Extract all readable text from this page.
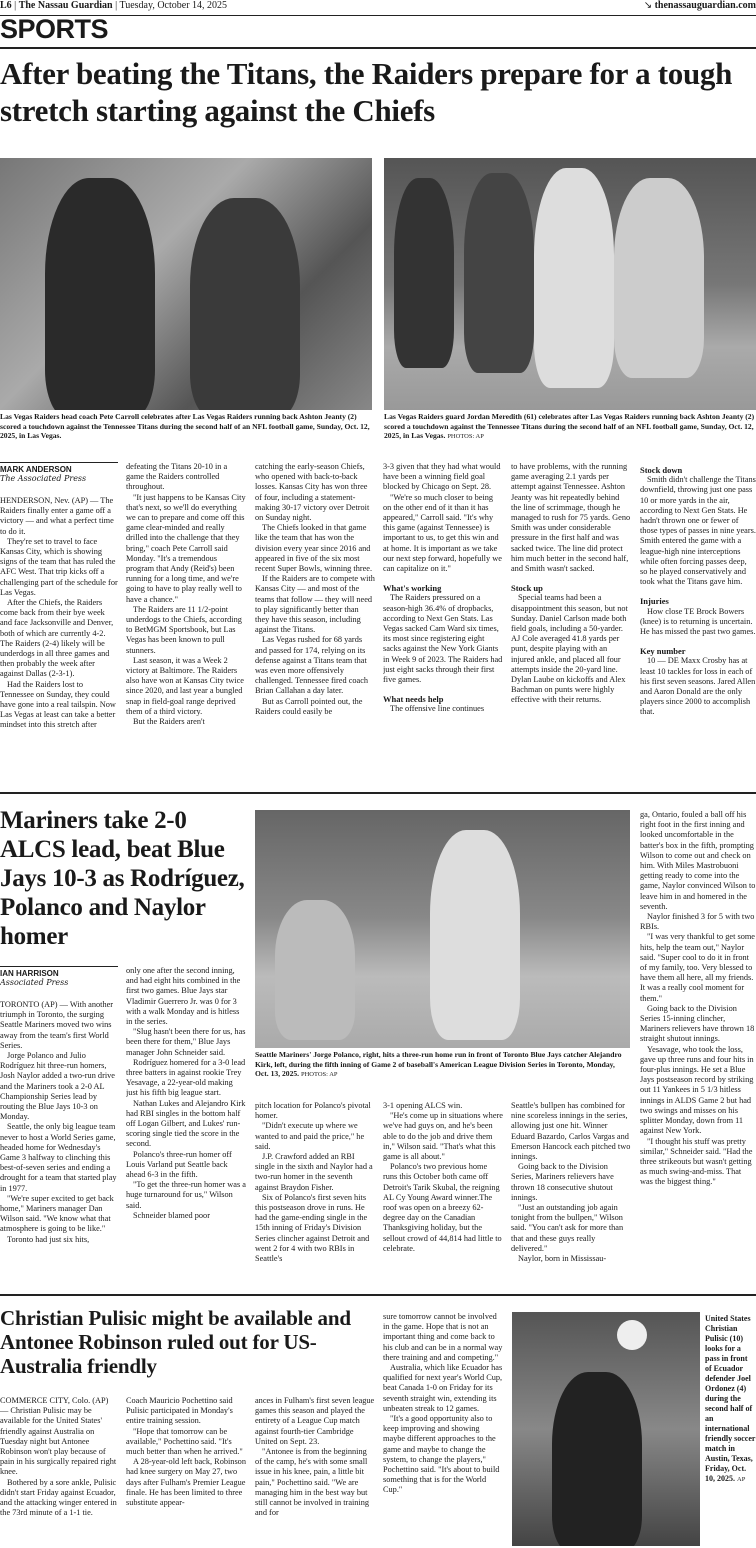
L6 | The Nassau Guardian | Tuesday, October 14, 2025	↘ thenassauguardian.com
SPORTS
After beating the Titans, the Raiders prepare for a tough stretch starting against the Chiefs
Las Vegas Raiders head coach Pete Carroll celebrates after Las Vegas Raiders running back Ashton Jeanty (2) scored a touchdown against the Tennessee Titans during the second half of an NFL football game, Sunday, Oct. 12, 2025, in Las Vegas.
Las Vegas Raiders guard Jordan Meredith (61) celebrates after Las Vegas Raiders running back Ashton Jeanty (2) scored a touchdown against the Tennessee Titans during the second half of an NFL football game, Sunday, Oct. 12, 2025, in Las Vegas. PHOTOS: AP
MARK ANDERSON
The Associated Press

HENDERSON, Nev. (AP) — The Raiders finally enter a game off a victory — and what a perfect time to do it.

They're set to travel to face Kansas City, which is showing signs of the team that has ruled the AFC West. That trip kicks off a challenging part of the schedule for Las Vegas.

After the Chiefs, the Raiders come back from their bye week and face Jacksonville and Denver, both of which are currently 4-2. The Raiders (2-4) likely will be underdogs in all three games and then probably the week after against Dallas (2-3-1).

Had the Raiders lost to Tennessee on Sunday, they could have gone into a real tailspin. Now Las Vegas at least can take a better mindset into this stretch after

defeating the Titans 20-10 in a game the Raiders controlled throughout.

"It just happens to be Kansas City that's next, so we'll do everything we can to prepare and come off this game clear-minded and really drilled into the challenge that they bring," coach Pete Carroll said Monday. "It's a tremendous program that Andy (Reid's) been running for a long time, and we're going to have to play really well to have a chance."

The Raiders are 11 1/2-point underdogs to the Chiefs, according to BetMGM Sportsbook, but Las Vegas has been known to pull stunners.

Last season, it was a Week 2 victory at Baltimore. The Raiders also have won at Kansas City twice since 2020, and last year a bungled snap in field-goal range deprived them of a third victory.

But the Raiders aren't

catching the early-season Chiefs, who opened with back-to-back losses. Kansas City has won three of four, including a statement-making 30-17 victory over Detroit on Sunday night.

The Chiefs looked in that game like the team that has won the division every year since 2016 and appeared in five of the six most recent Super Bowls, winning three.

If the Raiders are to compete with Kansas City — and most of the teams that follow — they will need to play significantly better than they have this season, including against the Titans.

Las Vegas rushed for 68 yards and passed for 174, relying on its defense against a Titans team that was even more offensively challenged. Tennessee fired coach Brian Callahan a day later.

But as Carroll pointed out, the Raiders could easily be

3-3 given that they had what would have been a winning field goal blocked by Chicago on Sept. 28.

"We're so much closer to being on the other end of it than it has appeared," Carroll said. "It's why this game (against Tennessee) is important to us, to get this win and at home. It is important as we take our next step forward, hopefully we can capitalize on it."

What's working

The Raiders pressured on a season-high 36.4% of dropbacks, according to Next Gen Stats. Las Vegas sacked Cam Ward six times, its most since registering eight sacks against the New York Giants in Week 9 of 2023. The Raiders had just eight sacks through their first five games.

What needs help

The offensive line continues

to have problems, with the running game averaging 2.1 yards per attempt against Tennessee. Ashton Jeanty was hit repeatedly behind the line of scrimmage, though he managed to rush for 75 yards. Geno Smith was under considerable pressure in the first half and was sacked twice. The line did protect him much better in the second half, and Smith wasn't sacked.

Stock up

Special teams had been a disappointment this season, but not Sunday. Daniel Carlson made both field goals, including a 50-yarder. AJ Cole averaged 41.8 yards per punt, despite playing with an injured ankle, and placed all four attempts inside the 20-yard line. Dylan Laube on kickoffs and Alex Bachman on punts were highly effective with their returns.

Stock down

Smith didn't challenge the Titans downfield, throwing just one pass 10 or more yards in the air, according to Next Gen Stats. He hadn't thrown one or fewer of those types of passes in nine years. Smith entered the game with a league-high nine interceptions while often forcing passes deep, so he played conservatively and took what the Titans gave him.

Injuries

How close TE Brock Bowers (knee) is to returning is uncertain. He has missed the past two games.

Key number

10 — DE Maxx Crosby has at least 10 tackles for loss in each of his first seven seasons. Jared Allen and Aaron Donald are the only players since 2000 to accomplish that.

Mariners take 2-0 ALCS lead, beat Blue Jays 10-3 as Rodríguez, Polanco and Naylor homer
Seattle Mariners' Jorge Polanco, right, hits a three-run home run in front of Toronto Blue Jays catcher Alejandro Kirk, left, during the fifth inning of Game 2 of baseball's American League Division Series in Toronto, Monday, Oct. 13, 2025. PHOTOS: AP
IAN HARRISON
Associated Press

TORONTO (AP) — With another triumph in Toronto, the surging Seattle Mariners moved two wins away from the team's first World Series.

Jorge Polanco and Julio Rodríguez hit three-run homers, Josh Naylor added a two-run drive and the Mariners took a 2-0 AL Championship Series lead by routing the Blue Jays 10-3 on Monday.

Seattle, the only big league team never to host a World Series game, headed home for Wednesday's Game 3 halfway to clinching this best-of-seven series and ending a drought for a team that started play in 1977.

"We're super excited to get back home," Mariners manager Dan Wilson said. "We know what that atmosphere is going to be like."

Toronto had just six hits,

only one after the second inning, and had eight hits combined in the first two games. Blue Jays star Vladimir Guerrero Jr. was 0 for 3 with a walk Monday and is hitless in the series.

"Slug hasn't been there for us, has been there for them," Blue Jays manager John Schneider said.

Rodríguez homered for a 3-0 lead three batters in against rookie Trey Yesavage, a 22-year-old making just his fifth big league start.

Nathan Lukes and Alejandro Kirk had RBI singles in the bottom half off Logan Gilbert, and Lukes' run-scoring single tied the score in the second.

Polanco's three-run homer off Louis Varland put Seattle back ahead 6-3 in the fifth.

"To get the three-run homer was a huge turnaround for us," Wilson said.

Schneider blamed poor

pitch location for Polanco's pivotal homer.

"Didn't execute up where we wanted to and paid the price," he said.

J.P. Crawford added an RBI single in the sixth and Naylor had a two-run homer in the seventh against Braydon Fisher.

Six of Polanco's first seven hits this postseason drove in runs. He had the game-ending single in the 15th inning of Friday's Division Series clincher against Detroit and went 2 for 4 with two RBIs in Seattle's

3-1 opening ALCS win.

"He's come up in situations where we've had guys on, and he's been able to do the job and drive them in," Wilson said. "That's what this game is all about."

Polanco's two previous home runs this October both came off Detroit's Tarik Skubal, the reigning AL Cy Young Award winner.The roof was open on a breezy 62-degree day on the Canadian Thanksgiving holiday, but the sellout crowd of 44,814 had little to celebrate.

Seattle's bullpen has combined for nine scoreless innings in the series, allowing just one hit. Winner Eduard Bazardo, Carlos Vargas and Emerson Hancock each pitched two innings.

Going back to the Division Series, Mariners relievers have thrown 18 consecutive shutout innings.

"Just an outstanding job again tonight from the bullpen," Wilson said. "You can't ask for more than that and these guys really delivered."

Naylor, born in Mississau-

ga, Ontario, fouled a ball off his right foot in the first inning and looked uncomfortable in the batter's box in the fifth, prompting Wilson to come out and check on him. With Miles Mastrobuoni getting ready to come into the game, Naylor convinced Wilson to leave him in and homered in the seventh.

Naylor finished 3 for 5 with two RBIs.

"I was very thankful to get some hits, help the team out," Naylor said. "Super cool to do it in front of my family, too. Very blessed to have them all here, all my friends. It was a really cool moment for them."

Going back to the Division Series 15-inning clincher, Mariners relievers have thrown 18 straight shutout innings.

Yesavage, who took the loss, gave up three runs and four hits in four-plus innings. He set a Blue Jays postseason record by striking out 11 Yankees in 5 1/3 hitless innings in ALDS Game 2 but had two swings and misses on his splitter Monday, down from 11 against New York.

"I thought his stuff was pretty similar," Schneider said. "Had the three strikeouts but wasn't getting as much swing-and-miss. That was the biggest thing."

Christian Pulisic might be available and Antonee Robinson ruled out for US-Australia friendly

COMMERCE CITY, Colo. (AP) — Christian Pulisic may be available for the United States' friendly against Australia on Tuesday night but Antonee Robinson won't play because of pain in his surgically repaired right knee.

Bothered by a sore ankle, Pulisic didn't start Friday against Ecuador, and the attacking winger entered in the 73rd minute of a 1-1 tie.

Coach Mauricio Pochettino said Pulisic participated in Monday's entire training session.

"Hope that tomorrow can be available," Pochettino said. "It's much better than when he arrived."

A 28-year-old left back, Robinson had knee surgery on May 27, two days after Fulham's Premier League finale. He has been limited to three substitute appear-

ances in Fulham's first seven league games this season and played the entirety of a League Cup match against fourth-tier Cambridge United on Sept. 23.

"Antonee is from the beginning of the camp, he's with some small issue in his knee, pain, a little bit pain," Pochettino said. "We are managing him in the best way but still cannot be involved in training and for

sure tomorrow cannot be involved in the game. Hope that is not an important thing and come back to his club and can be in a normal way there training and and competing."

Australia, which like Ecuador has qualified for next year's World Cup, beat Canada 1-0 on Friday for its seventh straight win, extending its unbeaten streak to 12 games.

"It's a good opportunity also to keep improving and showing maybe different approaches to the game and maybe to change the system, to change the players," Pochettino said. "It's about to build something that is for the World Cup."

United States Christian Pulisic (10) looks for a pass in front of Ecuador defender Joel Ordonez (4) during the second half of an international friendly soccer match in Austin, Texas, Friday, Oct. 10, 2025. AP
